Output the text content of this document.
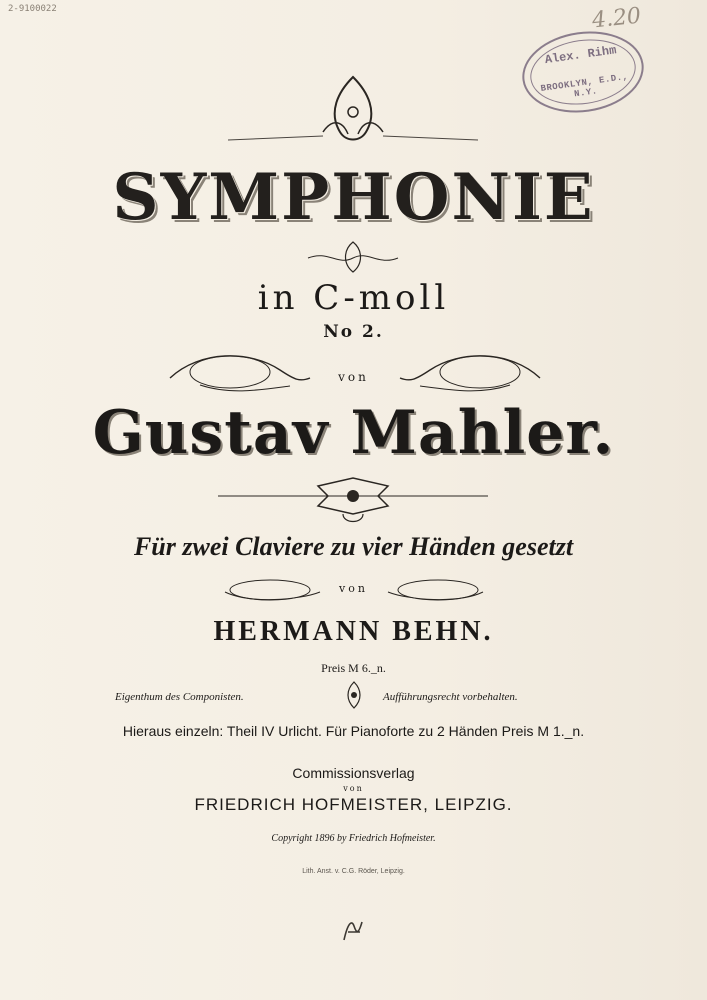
2-9100022	4.20
Alex. Rihm
BROOKLYN, E.D., N.Y.
SYMPHONIE
in C-moll
No 2.
von
Gustav Mahler.
Für zwei Claviere zu vier Händen gesetzt
von
HERMANN BEHN.
Preis M 6._n.
Eigenthum des Componisten.	Aufführungsrecht vorbehalten.
Hieraus einzeln: Theil IV Urlicht. Für Pianoforte zu 2 Händen Preis M 1._n.
Commissionsverlag
von
FRIEDRICH HOFMEISTER, LEIPZIG.
Copyright 1896 by Friedrich Hofmeister.
Lith. Anst. v. C.G. Röder, Leipzig.
